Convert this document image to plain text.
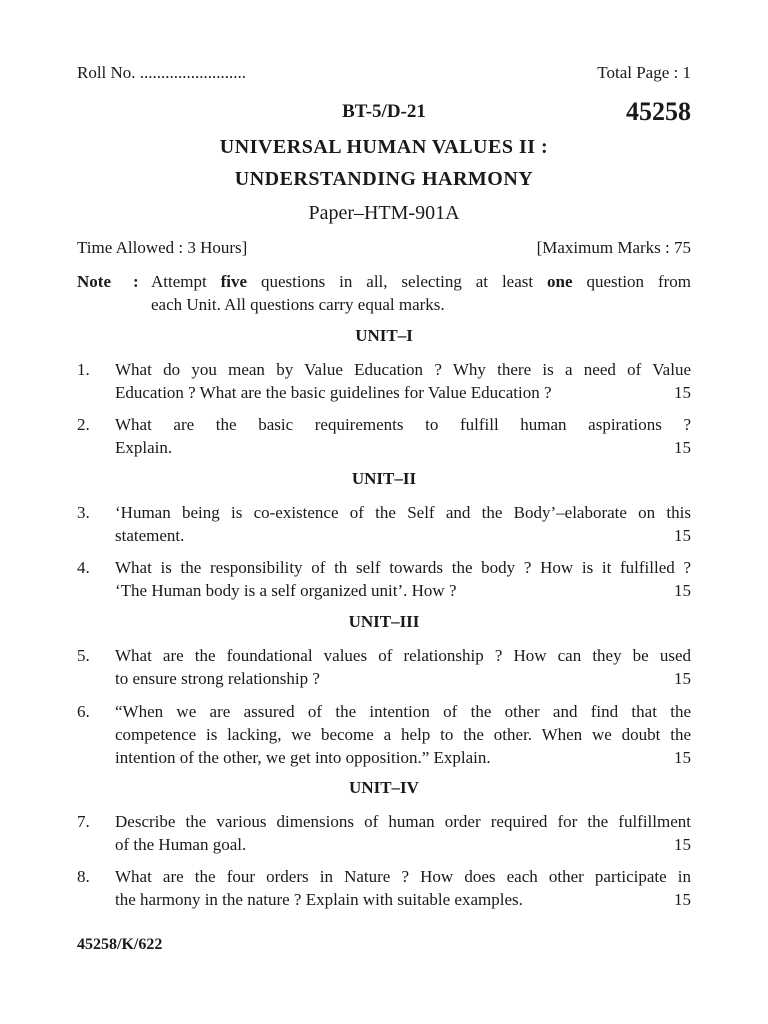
Roll No. .........................	Total Page : 1
BT-5/D-21	45258
UNIVERSAL HUMAN VALUES II :
UNDERSTANDING HARMONY
Paper–HTM-901A
Time Allowed : 3 Hours]	[Maximum Marks : 75
Note : Attempt five questions in all, selecting at least one question from
each Unit. All questions carry equal marks.
UNIT–I
1. What do you mean by Value Education ? Why there is a need of Value
Education ? What are the basic guidelines for Value Education ?	15
2. What are the basic requirements to fulfill human aspirations ?
Explain.	15
UNIT–II
3. ‘Human being is co-existence of the Self and the Body’–elaborate on this
statement.	15
4. What is the responsibility of th self towards the body ? How is it fulfilled ?
‘The Human body is a self organized unit’. How ?	15
UNIT–III
5. What are the foundational values of relationship ? How can they be used
to ensure strong relationship ?	15
6. “When we are assured of the intention of the other and find that the
competence is lacking, we become a help to the other. When we doubt the
intention of the other, we get into opposition.” Explain.	15
UNIT–IV
7. Describe the various dimensions of human order required for the fulfillment
of the Human goal.	15
8. What are the four orders in Nature ? How does each other participate in
the harmony in the nature ? Explain with suitable examples.	15
45258/K/622
